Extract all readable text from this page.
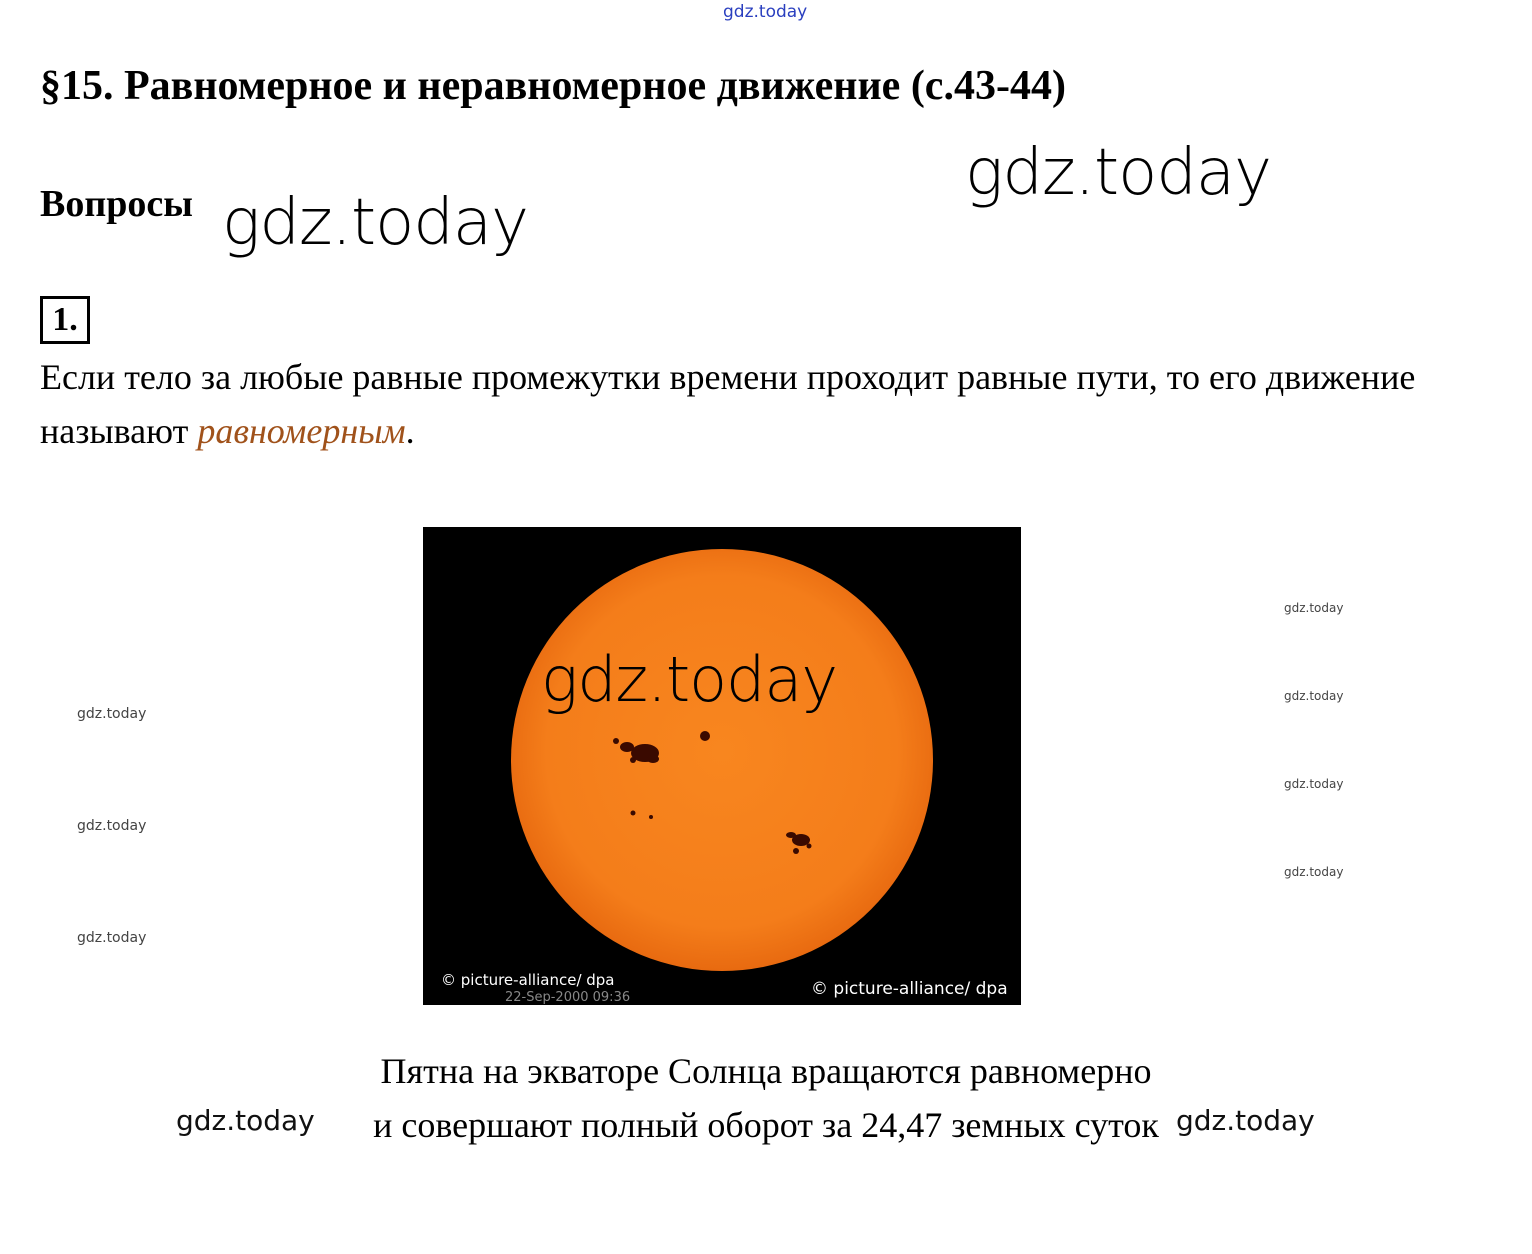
gdz.today
gdz.today
gdz.today
§15. Равномерное и неравномерное движение (с.43-44)
Вопросы
1.
Если тело за любые равные промежутки времени проходит равные пути, то его движение называют равномерным.
gdz.today
gdz.today
gdz.today
gdz.today
gdz.today
gdz.today
gdz.today
© picture-alliance/ dpa
22-Sep-2000 09:36	© picture-alliance/ dpa
gdz.today
Пятна на экваторе Солнца вращаются равномерно
и совершают полный оборот за 24,47 земных суток
gdz.today	gdz.today
